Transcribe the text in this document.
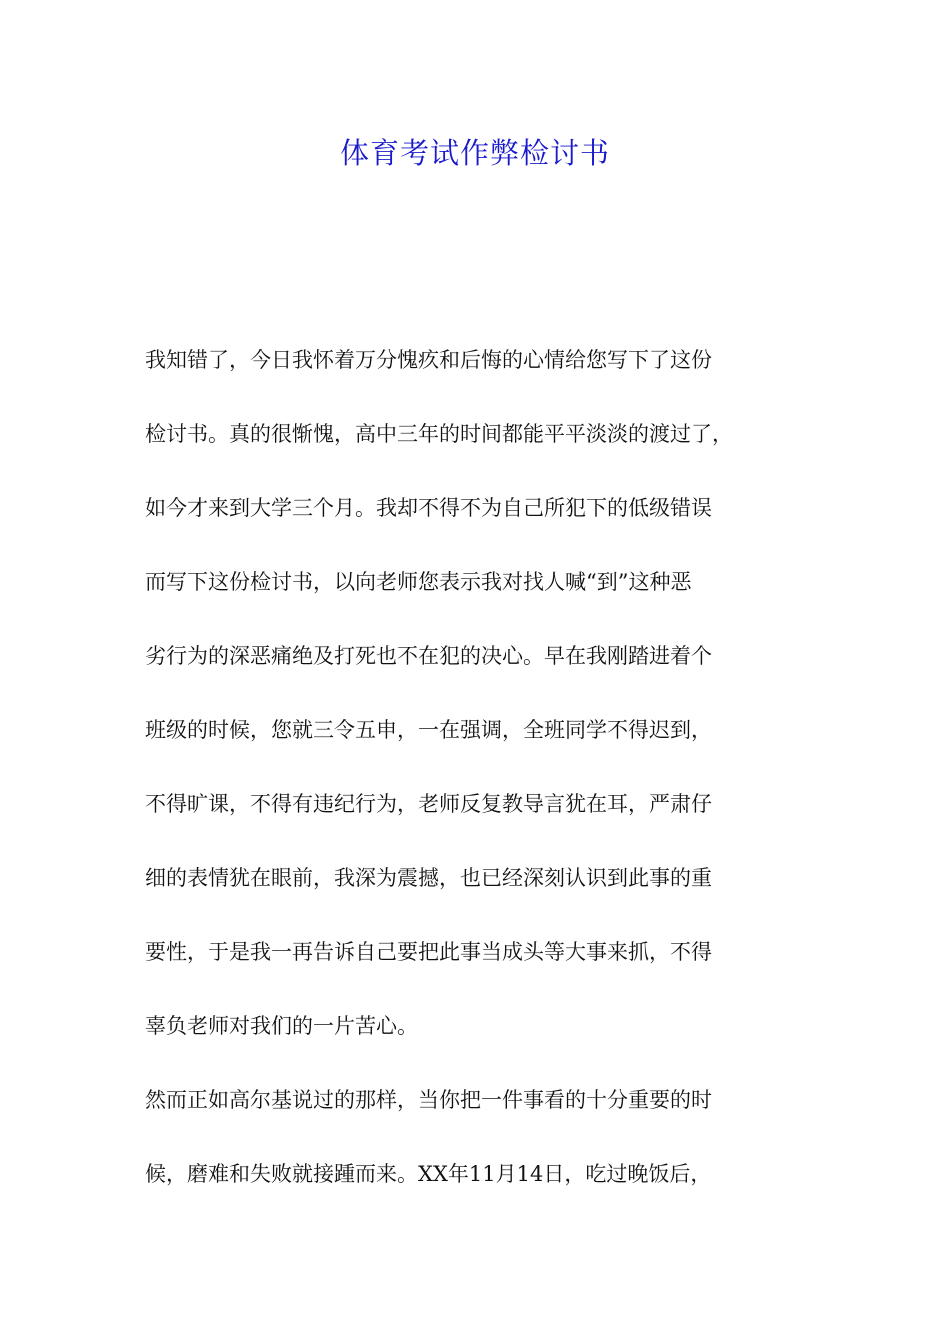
体育考试作弊检讨书
我知错了，今日我怀着万分愧疚和后悔的心情给您写下了这份
检讨书。真的很惭愧，高中三年的时间都能平平淡淡的渡过了，
如今才来到大学三个月。我却不得不为自己所犯下的低级错误
而写下这份检讨书，以向老师您表示我对找人喊“到”这种恶
劣行为的深恶痛绝及打死也不在犯的决心。早在我刚踏进着个
班级的时候，您就三令五申，一在强调，全班同学不得迟到，
不得旷课，不得有违纪行为，老师反复教导言犹在耳，严肃仔
细的表情犹在眼前，我深为震撼，也已经深刻认识到此事的重
要性，于是我一再告诉自己要把此事当成头等大事来抓，不得
辜负老师对我们的一片苦心。
然而正如高尔基说过的那样，当你把一件事看的十分重要的时
候，磨难和失败就接踵而来。XX年11月14日，吃过晚饭后，
